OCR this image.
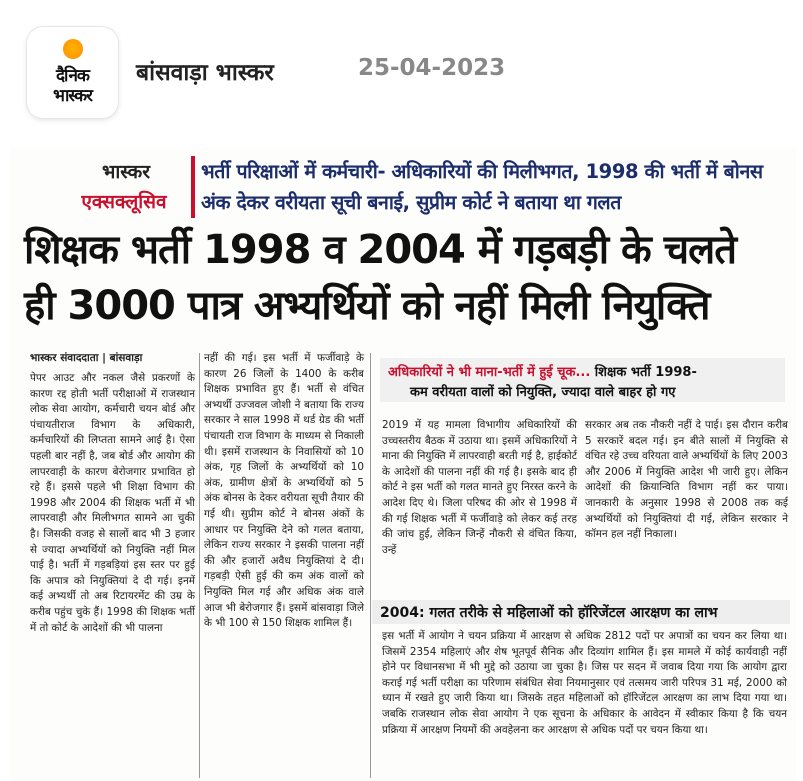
दैनिक
भास्कर
बांसवाड़ा भास्कर	25-04-2023
भास्कर
एक्सक्लूसिव
भर्ती परिक्षाओं में कर्मचारी- अधिकारियों की मिलीभगत, 1998 की भर्ती में बोनस अंक देकर वरीयता सूची बनाई, सुप्रीम कोर्ट ने बताया था गलत
शिक्षक भर्ती 1998 व 2004 में गड़बड़ी के चलते
ही 3000 पात्र अभ्यर्थियों को नहीं मिली नियुक्ति
भास्कर संवाददाता | बांसवाड़ा
पेपर आउट और नकल जैसे प्रकरणों के कारण रद्द होती भर्ती परीक्षाओं में राजस्थान लोक सेवा आयोग, कर्मचारी चयन बोर्ड और पंचायतीराज विभाग के अधिकारी, कर्मचारियों की लिप्तता सामने आई है। ऐसा पहली बार नहीं है, जब बोर्ड और आयोग की लापरवाही के कारण बेरोजगार प्रभावित हो रहे हैं। इससे पहले भी शिक्षा विभाग की 1998 और 2004 की शिक्षक भर्ती में भी लापरवाही और मिलीभगत सामने आ चुकी है। जिसकी वजह से सालों बाद भी 3 हजार से ज्यादा अभ्यर्थियों को नियुक्ति नहीं मिल पाई है। भर्ती में गड़बड़ियां इस स्तर पर हुई कि अपात्र को नियुक्तियां दे दी गई। इनमें कई अभ्यर्थी तो अब रिटायरमेंट की उम्र के करीब पहुंच चुके हैं। 1998 की शिक्षक भर्ती में तो कोर्ट के आदेशों की भी पालना
नहीं की गई। इस भर्ती में फर्जीवाड़े के कारण 26 जिलों के 1400 के करीब शिक्षक प्रभावित हुए हैं। भर्ती से वंचित अभ्यर्थी उज्जवल जोशी ने बताया कि राज्य सरकार ने साल 1998 में थर्ड ग्रेड की भर्ती पंचायती राज विभाग के माध्यम से निकाली थी। इसमें राजस्थान के निवासियों को 10 अंक, गृह जिलों के अभ्यर्थियों को 10 अंक, ग्रामीण क्षेत्रों के अभ्यर्थियों को 5 अंक बोनस के देकर वरीयता सूची तैयार की गई थी। सुप्रीम कोर्ट ने बोनस अंकों के आधार पर नियुक्ति देने को गलत बताया, लेकिन राज्य सरकार ने इसकी पालना नहीं की और हजारों अवैध नियुक्तियां दे दी। गड़बड़ी ऐसी हुई की कम अंक वालों को नियुक्ति मिल गई और अधिक अंक वाले आज भी बेरोजगार हैं। इसमें बांसवाड़ा जिले के भी 100 से 150 शिक्षक शामिल हैं।
अधिकारियों ने भी माना-भर्ती में हुई चूक... शिक्षक भर्ती 1998-
कम वरीयता वालों को नियुक्ति, ज्यादा वाले बाहर हो गए
2019 में यह मामला विभागीय अधिकारियों की उच्चस्तरीय बैठक में उठाया था। इसमें अधिकारियों ने माना की नियुक्ति में लापरवाही बरती गई है, हाईकोर्ट के आदेशों की पालना नहीं की गई है। इसके बाद ही कोर्ट ने इस भर्ती को गलत मानते हुए निरस्त करने के आदेश दिए थे। जिला परिषद की ओर से 1998 में की गई शिक्षक भर्ती में फर्जीवाड़े को लेकर कई तरह की जांच हुई, लेकिन जिन्हें नौकरी से वंचित किया, उन्हें
सरकार अब तक नौकरी नहीं दे पाई। इस दौरान करीब 5 सरकारें बदल गई। इन बीते सालों में नियुक्ति से वंचित रहे उच्च वरियता वाले अभ्यर्थियों के लिए 2003 और 2006 में नियुक्ति आदेश भी जारी हुए। लेकिन आदेशों की क्रियान्विति विभाग नहीं कर पाया। जानकारी के अनुसार 1998 से 2008 तक कई अभ्यर्थियों को नियुक्तियां दी गई, लेकिन सरकार ने कॉमन हल नहीं निकाला।
2004: गलत तरीके से महिलाओं को हॉरिजेंटल आरक्षण का लाभ
इस भर्ती में आयोग ने चयन प्रक्रिया में आरक्षण से अधिक 2812 पदों पर अपात्रों का चयन कर लिया था। जिसमें 2354 महिलाएं और शेष भूतपूर्व सैनिक और दिव्यांग शामिल हैं। इस मामले में कोई कार्यवाही नहीं होने पर विधानसभा में भी मुद्दे को उठाया जा चुका है। जिस पर सदन में जवाब दिया गया कि आयोग द्वारा कराई गई भर्ती परीक्षा का परिणाम संबंधित सेवा नियमानुसार एवं तत्समय जारी परिपत्र 31 मई, 2000 को ध्यान में रखते हुए जारी किया था। जिसके तहत महिलाओं को हॉरिजेंटल आरक्षण का लाभ दिया गया था। जबकि राजस्थान लोक सेवा आयोग ने एक सूचना के अधिकार के आवेदन में स्वीकार किया है कि चयन प्रक्रिया में आरक्षण नियमों की अवहेलना कर आरक्षण से अधिक पदों पर चयन किया था।
